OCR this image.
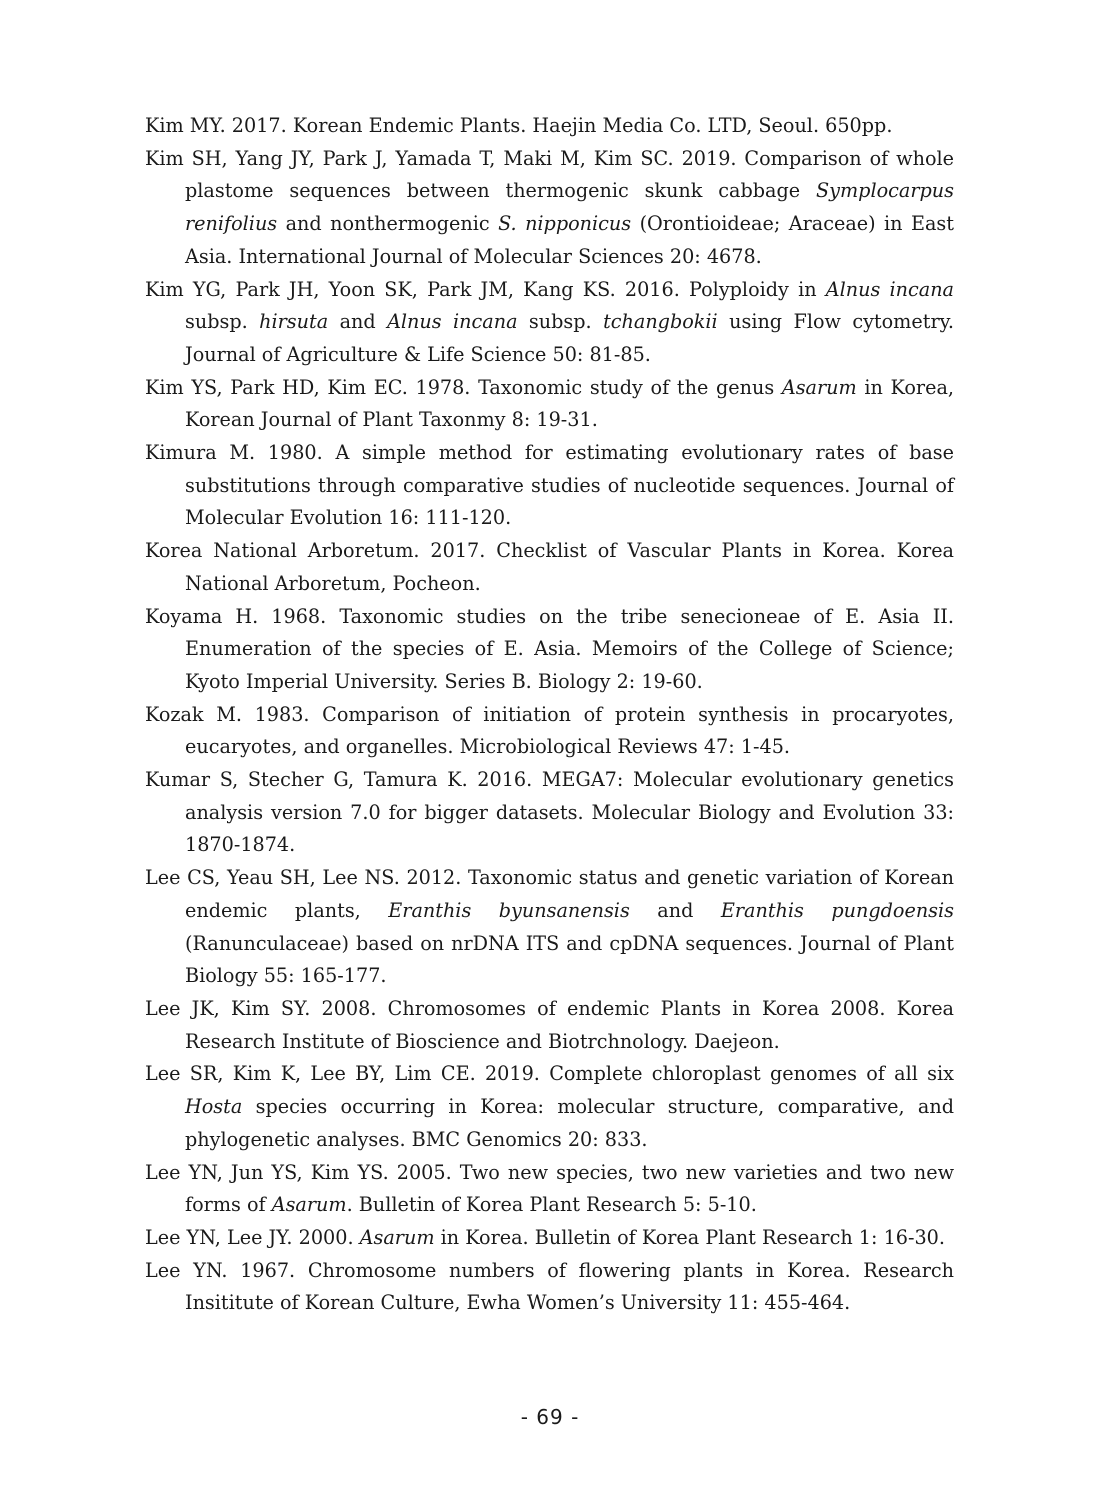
Kim MY. 2017. Korean Endemic Plants. Haejin Media Co. LTD, Seoul. 650pp.
Kim SH, Yang JY, Park J, Yamada T, Maki M, Kim SC. 2019. Comparison of whole plastome sequences between thermogenic skunk cabbage Symplocarpus renifolius and nonthermogenic S. nipponicus (Orontioideae; Araceae) in East Asia. International Journal of Molecular Sciences 20: 4678.
Kim YG, Park JH, Yoon SK, Park JM, Kang KS. 2016. Polyploidy in Alnus incana subsp. hirsuta and Alnus incana subsp. tchangbokii using Flow cytometry. Journal of Agriculture & Life Science 50: 81-85.
Kim YS, Park HD, Kim EC. 1978. Taxonomic study of the genus Asarum in Korea, Korean Journal of Plant Taxonmy 8: 19-31.
Kimura M. 1980. A simple method for estimating evolutionary rates of base substitutions through comparative studies of nucleotide sequences. Journal of Molecular Evolution 16: 111-120.
Korea National Arboretum. 2017. Checklist of Vascular Plants in Korea. Korea National Arboretum, Pocheon.
Koyama H. 1968. Taxonomic studies on the tribe senecioneae of E. Asia II. Enumeration of the species of E. Asia. Memoirs of the College of Science; Kyoto Imperial University. Series B. Biology 2: 19-60.
Kozak M. 1983. Comparison of initiation of protein synthesis in procaryotes, eucaryotes, and organelles. Microbiological Reviews 47: 1-45.
Kumar S, Stecher G, Tamura K. 2016. MEGA7: Molecular evolutionary genetics analysis version 7.0 for bigger datasets. Molecular Biology and Evolution 33: 1870-1874.
Lee CS, Yeau SH, Lee NS. 2012. Taxonomic status and genetic variation of Korean endemic plants, Eranthis byunsanensis and Eranthis pungdoensis (Ranunculaceae) based on nrDNA ITS and cpDNA sequences. Journal of Plant Biology 55: 165-177.
Lee JK, Kim SY. 2008. Chromosomes of endemic Plants in Korea 2008. Korea Research Institute of Bioscience and Biotrchnology. Daejeon.
Lee SR, Kim K, Lee BY, Lim CE. 2019. Complete chloroplast genomes of all six Hosta species occurring in Korea: molecular structure, comparative, and phylogenetic analyses. BMC Genomics 20: 833.
Lee YN, Jun YS, Kim YS. 2005. Two new species, two new varieties and two new forms of Asarum. Bulletin of Korea Plant Research 5: 5-10.
Lee YN, Lee JY. 2000. Asarum in Korea. Bulletin of Korea Plant Research 1: 16-30.
Lee YN. 1967. Chromosome numbers of flowering plants in Korea. Research Insititute of Korean Culture, Ewha Women’s University 11: 455-464.
- 69 -
